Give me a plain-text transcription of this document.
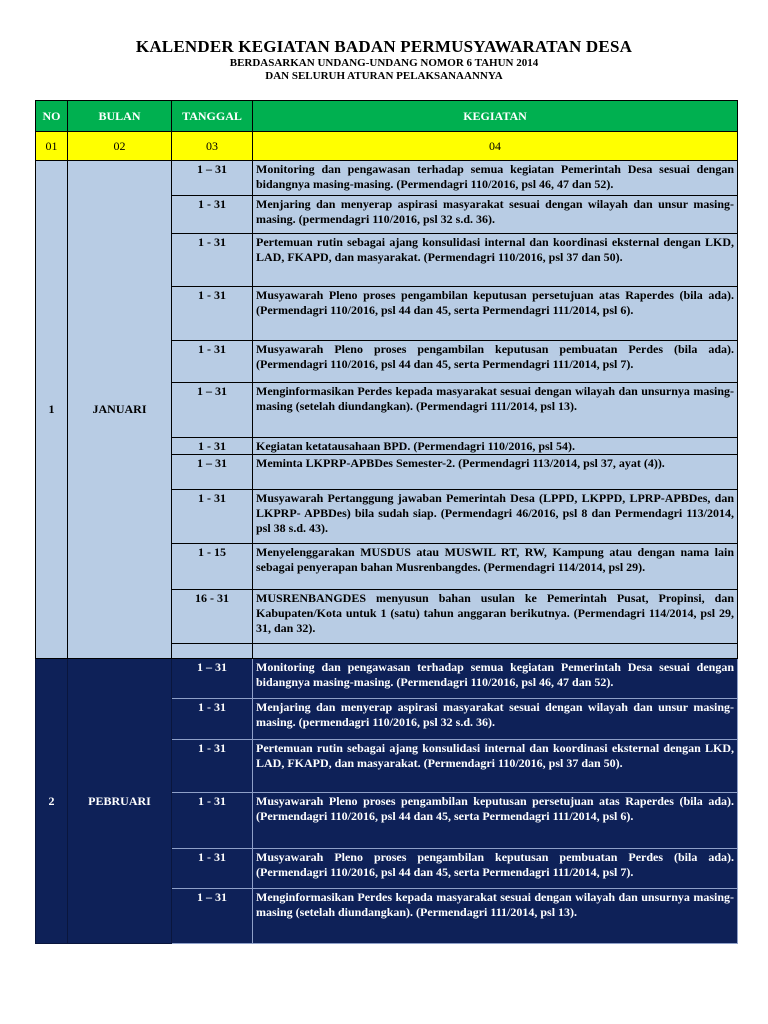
KALENDER KEGIATAN BADAN PERMUSYAWARATAN DESA
BERDASARKAN UNDANG-UNDANG NOMOR 6 TAHUN 2014
DAN SELURUH ATURAN PELAKSANAANNYA
NO	BULAN	TANGGAL	KEGIATAN
01	02	03	04
1	JANUARI	1 – 31	Monitoring dan pengawasan terhadap semua kegiatan Pemerintah Desa sesuai dengan bidangnya masing-masing. (Permendagri 110/2016, psl 46, 47 dan 52).
		1 - 31	Menjaring dan menyerap aspirasi masyarakat sesuai dengan wilayah dan unsur masing-masing. (permendagri 110/2016, psl 32 s.d. 36).
		1 - 31	Pertemuan rutin sebagai ajang konsulidasi internal dan koordinasi eksternal dengan LKD, LAD, FKAPD, dan masyarakat. (Permendagri 110/2016, psl 37 dan 50).
		1 - 31	Musyawarah Pleno proses pengambilan keputusan persetujuan atas Raperdes (bila ada). (Permendagri 110/2016, psl 44 dan 45, serta Permendagri 111/2014, psl 6).
		1 - 31	Musyawarah Pleno proses pengambilan keputusan pembuatan Perdes (bila ada). (Permendagri 110/2016, psl 44 dan 45, serta Permendagri 111/2014, psl 7).
		1 – 31	Menginformasikan Perdes kepada masyarakat sesuai dengan wilayah dan unsurnya masing- masing (setelah diundangkan). (Permendagri 111/2014, psl 13).
		1 - 31	Kegiatan ketatausahaan BPD. (Permendagri 110/2016, psl 54).
		1 – 31	Meminta LKPRP-APBDes Semester-2. (Permendagri 113/2014, psl 37, ayat (4)).
		1 - 31	Musyawarah Pertanggung jawaban Pemerintah Desa (LPPD, LKPPD, LPRP-APBDes, dan LKPRP- APBDes) bila sudah siap. (Permendagri 46/2016, psl 8 dan Permendagri 113/2014, psl 38 s.d. 43).
		1 - 15	Menyelenggarakan MUSDUS atau MUSWIL RT, RW, Kampung atau dengan nama lain sebagai penyerapan bahan Musrenbangdes. (Permendagri 114/2014, psl 29).
		16 - 31	MUSRENBANGDES menyusun bahan usulan ke Pemerintah Pusat, Propinsi, dan Kabupaten/Kota untuk 1 (satu) tahun anggaran berikutnya. (Permendagri 114/2014, psl 29, 31, dan 32).

2	PEBRUARI	1 – 31	Monitoring dan pengawasan terhadap semua kegiatan Pemerintah Desa sesuai dengan bidangnya masing-masing. (Permendagri 110/2016, psl 46, 47 dan 52).
		1 - 31	Menjaring dan menyerap aspirasi masyarakat sesuai dengan wilayah dan unsur masing-masing. (permendagri 110/2016, psl 32 s.d. 36).
		1 - 31	Pertemuan rutin sebagai ajang konsulidasi internal dan koordinasi eksternal dengan LKD, LAD, FKAPD, dan masyarakat. (Permendagri 110/2016, psl 37 dan 50).
		1 - 31	Musyawarah Pleno proses pengambilan keputusan persetujuan atas Raperdes (bila ada). (Permendagri 110/2016, psl 44 dan 45, serta Permendagri 111/2014, psl 6).
		1 - 31	Musyawarah Pleno proses pengambilan keputusan pembuatan Perdes (bila ada). (Permendagri 110/2016, psl 44 dan 45, serta Permendagri 111/2014, psl 7).
		1 – 31	Menginformasikan Perdes kepada masyarakat sesuai dengan wilayah dan unsurnya masing- masing (setelah diundangkan). (Permendagri 111/2014, psl 13).
